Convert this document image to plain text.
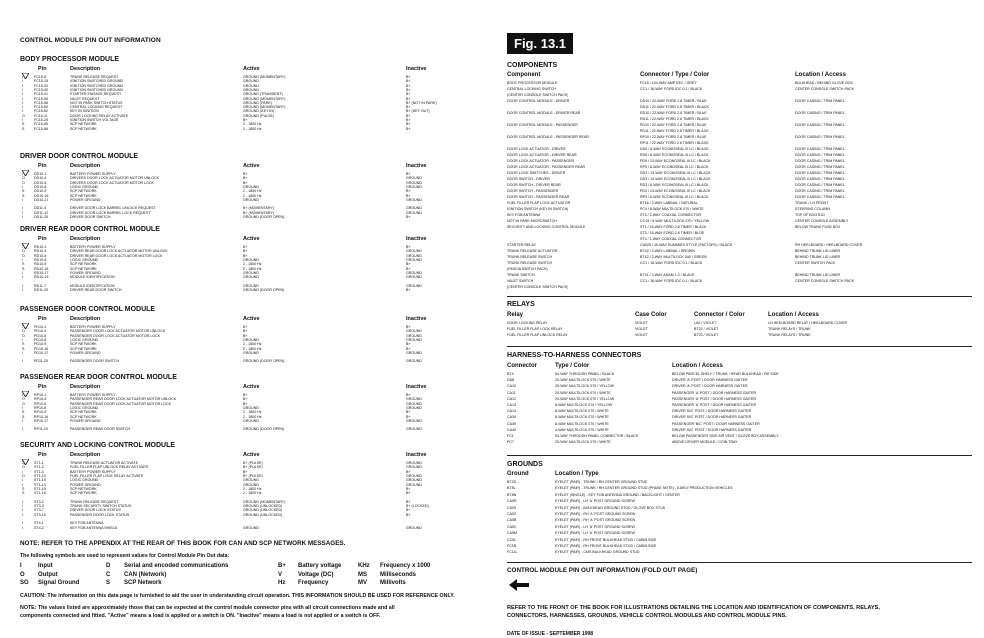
CONTROL MODULE PIN OUT INFORMATION
BODY PROCESSOR MODULE
Pin	Description	Active	Inactive
I	FC15-5	TRUNK RELEASE REQUEST	GROUND (MOMENTARY)	B+
I	FC15-15	IGNITION SWITCHED GROUND	GROUND	B+
I	FC15-32	IGNITION SWITCHED GROUND	GROUND	B+
I	FC15-40	IGNITION SWITCHED GROUND	GROUND	B+
I	FC15-41	STARTER ENGAGE REQUEST	GROUND (TRANSIENT)	B+
I	FC15-55	VALET REQUEST	GROUND (MOMENTARY)	B+
I	FC15-56	NOT IN PARK SWITCH STATUS	GROUND (PARK)	B+ (NOT IN PARK)
I	FC15-60	CENTRAL LOCKING REQUEST	GROUND (MOMENTARY)	B+
I	FC15-62	KEY IN IGNITION	GROUND (KEY IN)	B+ (KEY OUT)
O	FC15-11	DOOR LOCKING RELAY ACTIVATE	GROUND (PULSE)	B+
I	FC15-25	IGNITION SWITCH VOLTAGE	B+	B+
S	FC15-65	SCP NETWORK	2 - 1800 Hz	B+
S	FC15-66	SCP NETWORK	2 - 1800 Hz	B+
DRIVER DOOR CONTROL MODULE
Pin	Description	Active	Inactive
I	DD10-1	BATTERY POWER SUPPLY	B+	B+
O	DD10-4	DRIVERS DOOR LOCK ACTUATOR MOTOR UNLOCK	B+	GROUND
O	DD10-5	DRIVERS DOOR LOCK ACTUATOR MOTOR LOCK	B+	GROUND
I	DD10-8	LOGIC GROUND	GROUND	GROUND
S	DD10-9	SCP NETWORK	2 - 1800 Hz	B+
S	DD10-16	SCP NETWORK	2 - 1800 Hz	B+
I	DD10-17	POWER GROUND	GROUND	GROUND
.	.
I	DD11-4	DRIVER DOOR LOCK BARREL UNLOCK REQUEST	B+ (MOMENTARY)	GROUND
I	DD11-12	DRIVER DOOR LOCK BARREL LOCK REQUEST	B+ (MOMENTARY)	GROUND
I	DD11-20	DRIVER DOOR SWITCH	GROUND (DOOR OPEN)	B+
DRIVER REAR DOOR CONTROL MODULE
Pin	Description	Active	Inactive
I	RD10-1	BATTERY POWER SUPPLY	B+	B+
O	RD10-4	DRIVER REAR DOOR LOCK ACTUATOR MOTOR UNLOCK	B+	GROUND
O	RD10-5	DRIVER REAR DOOR LOCK ACTUATOR MOTOR LOCK	B+	GROUND
I	RD10-8	LOGIC GROUND	GROUND	GROUND
S	RD10-9	SCP NETWORK	2 - 1800 Hz	B+
S	RD10-16	SCP NETWORK	2 - 1800 Hz	B+
I	RD10-17	POWER GROUND	GROUND	GROUND
I	RD10-19	MODULE IDENTIFICATION	GROUND	GROUND
.	.
I	RD11-7	MODULE IDENTIFICATION	GROUND	GROUND
I	RD11-20	DRIVER REAR DOOR SWITCH	GROUND (DOOR OPEN)	B+
PASSENGER DOOR CONTROL MODULE
Pin	Description	Active	Inactive
I	PD10-1	BATTERY POWER SUPPLY	B+	B+
O	PD10-4	PASSENGER DOOR LOCK ACTUATOR MOTOR UNLOCK	B+	GROUND
O	PD10-5	PASSENGER DOOR LOCK ACTUATOR MOTOR LOCK	B+	GROUND
I	PD10-8	LOGIC GROUND	GROUND	GROUND
S	PD10-9	SCP NETWORK	2 - 1800 Hz	B+
S	PD10-16	SCP NETWORK	2 - 1800 Hz	B+
I	PD10-17	POWER GROUND	GROUND	GROUND
.	.
I	PD11-20	PASSENGER DOOR SWITCH	GROUND (DOOR OPEN)	GROUND
PASSENGER REAR DOOR CONTROL MODULE
Pin	Description	Active	Inactive
I	RP10-1	BATTERY POWER SUPPLY	B+	B+
O	RP10-4	PASSENGER REAR DOOR LOCK ACTUATOR MOTOR UNLOCK	B+	GROUND
O	RP10-5	PASSENGER REAR DOOR LOCK ACTUATOR MOTOR LOCK	B+	GROUND
I	RP10-8	LOGIC GROUND	GROUND	GROUND
S	RP10-9	SCP NETWORK	2 - 1800 Hz	B+
S	RP10-16	SCP NETWORK	2 - 1800 Hz	B+
I	RP10-17	POWER GROUND	GROUND	GROUND
.	.
I	RP11-20	PASSENGER REAR DOOR SWITCH	GROUND (DOOR OPEN)	GROUND
SECURITY AND LOCKING CONTROL MODULE
Pin	Description	Active	Inactive
O	ST1-1	TRUNK RELEASE ACTUATOR ACTIVATE	B+ (PULSE)	GROUND
O	ST1-2	FUEL FILLER FLAP UNLOCK RELAY ACTIVATE	B+ (PULSE)	GROUND
I	ST1-3	BATTERY POWER SUPPLY	B+	B+
O	ST1-10	FUEL FILLER FLAP LOCK RELAY ACTIVATE	B+ (PULSE)	GROUND
I	ST1-13	LOGIC GROUND	GROUND	GROUND
I	ST1-14	POWER GROUND	GROUND	GROUND
S	ST1-15	SCP NETWORK	2 - 1800 Hz	B+
S	ST1-16	SCP NETWORK	2 - 1800 Hz	B+
.	.
I	ST3-2	TRUNK RELEASE REQUEST	GROUND (MOMENTARY)	B+
I	ST3-3	TRUNK SECURITY SWITCH STATUS	GROUND (UNLOCKED)	B+ (LOCKED)
I	ST3-7	DRIVER DOOR LOCK STATUS	GROUND (UNLOCKED)	B+
I	ST3-16	PASSENGER DOOR LOCK STATUS	GROUND (UNLOCKED)	B+
.	.
I	ST4-1	KEY FOB ANTENNA
I	ST4-2	KEY FOB ANTENNA SHIELD	GROUND	GROUND
NOTE: REFER TO THE APPENDIX AT THE REAR OF THIS BOOK FOR CAN AND SCP NETWORK MESSAGES.
The following symbols are used to represent values for Control Module Pin Out data:
I	Input	D Serial and encoded communications	B+ Battery voltage	KHz Frequency x 1000
O Output	C CAN (Network)	V	Voltage (DC)	MS Milliseconds
SG Signal Ground	S SCP Network	Hz Frequency	MV Millivolts
CAUTION: The information on this data page is furnished to aid the user in understanding circuit operation. THIS INFORMATION SHOULD BE USED FOR REFERENCE ONLY.
NOTE: The values listed are approximately those that can be expected at the control module connector pins with all circuit connections made and all
components connected and fitted. "Active" means a load is applied or a switch is ON. "Inactive" means a load is not applied or a switch is OFF.
Fig. 13.1
COMPONENTS
Component	Connector / Type / Color	Location / Access
BODY PROCESSOR MODULE	FC15 / 104-WAY AMP EEC / GREY	BULKHEAD / BEHIND GLOVE BOX
CENTRAL LOCKING SWITCH	CC1 / 16-WAY FORD IDC 0.1 / BLACK	CENTER CONSOLE SWITCH PACK
(CENTER CONSOLE SWITCH PACK)
DOOR CONTROL MODULE - DRIVER	DD10 / 22-WAY FORD 2.8 TIMER / BLUE	DOOR CASING / TRIM PANEL
DD11 / 22-WAY FORD 2.8 TIMER / BLACK
DOOR CONTROL MODULE - DRIVER REAR	RD10 / 22-WAY FORD 2.8 TIMER / BLUE	DOOR CASING / TRIM PANEL
RD11 / 22-WAY FORD 2.8 TIMER / BLACK
DOOR CONTROL MODULE - PASSENGER	PD10 / 22-WAY FORD 2.8 TIMER / BLUE	DOOR CASING / TRIM PANEL
PD11 / 22-WAY FORD 2.8 TIMER / BLACK
DOOR CONTROL MODULE - PASSENGER REAR	RP10 / 22-WAY FORD 2.8 TIMER / BLUE	DOOR CASING / TRIM PANEL
RP11 / 22-WAY FORD 2.8 TIMER / BLACK
DOOR LOCK ACTUATOR - DRIVER	DD5 / 6-WAY ECONOSEAL III LC / BLACK	DOOR CASING / TRIM PANEL
DOOR LOCK ACTUATOR - DRIVER REAR	RD5 / 6-WAY ECONOSEAL III LC / BLACK	DOOR CASING / TRIM PANEL
DOOR LOCK ACTUATOR - PASSENGER	PD5 / 13-WAY ECONOSEAL III LC / BLACK	DOOR CASING / TRIM PANEL
DOOR LOCK ACTUATOR - PASSENGER REAR	RP5 / 6-WAY ECONOSEAL III LC / BLACK	DOOR CASING / TRIM PANEL
DOOR LOCK SWITCHES - DRIVER	DD3 / 13-WAY ECONOSEAL III LC / BLACK	DOOR CASING / TRIM PANEL
DOOR SWITCH - DRIVER	DD3 / 13-WAY ECONOSEAL III LC / BLACK	DOOR CASING / TRIM PANEL
DOOR SWITCH - DRIVER REAR	RD3 / 6-WAY ECONOSEAL III LC / BLACK	DOOR CASING / TRIM PANEL
DOOR SWITCH - PASSENGER	PD3 / 13-WAY ECONOSEAL III LC / BLACK	DOOR CASING / TRIM PANEL
DOOR SWITCH - PASSENGER REAR	RP3 / 6-WAY ECONOSEAL III LC / BLACK	DOOR CASING / TRIM PANEL
FUEL FILLER FLAP LOCK ACTUATOR	BT16 / 2-WAY LABINAL / NATURAL	TRUNK / LH FRONT
IGNITION SWITCH (KEY-IN SWITCH)	PC4 / 6-WAY MULTILOCK 070 / WHITE	STEERING COLUMN
KEY FOB ANTENNA	ST4 / 2-WAY COAXIAL CONNECTOR	TOP OF BOOTLID
NOT IN PARK MICROSWITCH	CC19 / 5-WAY MULTILOCK 070 / YELLOW	CENTER CONSOLE ASSEMBLY
SECURITY AND LOCKING CONTROL MODULE	ST1 / 16-WAY FORD 2.8 TIMER / BLACK	BELOW TRUNK FUSE BOX
ST3 / 16-WAY FORD 2.8 TIMER / BLUE
ST4 / 1-WAY COAXIAL CONNECTOR
STARTER RELAY	CA025 / 15-WAY DUMMIES STYLE (FACTORY) / BLACK	RH HEELBOARD / HEELBOARD COVER
TRUNK RELEASE ACTUATOR	BT42 / 2-WAY LABINAL / BROWN	BEHIND TRUNK LID LINER
TRUNK RELEASE SWITCH	BT42 / 2-WAY MULTILOCK 040 / GREEN	BEHIND TRUNK LID LINER
TRUNK RELEASE SWITCH	CC1 / 16-WAY FORD IDC 0.1 / BLACK	CENTER SWITCH PACK
(FASCIA SWITCH PACK)
TRUNK SWITCH	BT41 / 2-WAY ADAM 1.0 / BLACK	BEHIND TRUNK LID LINER
VALET SWITCH	CC1 / 16-WAY FORD IDC 0.1 / BLACK	CENTER CONSOLE SWITCH PACK
(CENTER CONSOLE SWITCH PACK)
RELAYS
Relay	Case Color	Connector / Color	Location / Access
DOOR LOCKING RELAY	VIOLET	LA0 / VIOLET	LH HEELBOARD RELAY / HEELBOARD COVER
FUEL FILLER FLAP LOCK RELAY	VIOLET	BT22 / VIOLET	TRUNK RELAYS / TRUNK
FUEL FILLER FLAP UNLOCK RELAY	VIOLET	BT23 / VIOLET	TRUNK RELAYS / TRUNK
HARNESS-TO-HARNESS CONNECTORS
Connector	Type / Color	Location / Access
BT4	54-WAY THROUGH PANEL / BLACK	BELOW PARCEL SHELF / TRUNK / REAR BULKHEAD / RH SIDE
DA8	20-WAY MULTILOCK 070 / WHITE	DRIVER 'A' POST / DOOR HARNESS GAITER
CA10	20-WAY MULTILOCK 070 / YELLOW	DRIVER 'A' POST / DOOR HARNESS GAITER
CA11	20-WAY MULTILOCK 070 / WHITE	PASSENGER 'A' POST / DOOR HARNESS GAITER
CA12	20-WAY MULTILOCK 070 / YELLOW	PASSENGER 'A' POST / DOOR HARNESS GAITER
CA13	8-WAY MULTILOCK 070 / YELLOW	PASSENGER 'A' POST / DOOR HARNESS GAITER
CA14	8-WAY MULTILOCK 070 / WHITE	DRIVER 'B/C' POST / DOOR HARNESS GAITER
CA39	8-WAY MULTILOCK 070 / WHITE	DRIVER 'B/C' POST / DOOR HARNESS GAITER
CA49	8-WAY MULTILOCK 070 / WHITE	PASSENGER 'B/C' POST / DOOR HARNESS GAITER
CA40	4-WAY MULTILOCK 070 / WHITE	DRIVER 'B/C' POST / DOOR HARNESS GAITER
FC1	54-WAY THROUGH PANEL CONNECTOR / BLACK	BELOW PASSENGER SIDE AIR VENT / GLOVE BOX ASSEMBLY
PC7	20-WAY MULTILOCK 070 / WHITE	ABOVE DRIVER MODULE / COIN TRAY
GROUNDS
Ground	Location / Type
BT2D	EYELET (PAIR) - TRUNK / RH CENTER GROUND STUD
BT8L	EYELET (PAIR) - TRUNK / RH CENTER GROUND STUD (PHASE NOTE) - EARLY PRODUCTION VEHICLES
BT8N	EYELET (SINGLE) - KEY FOB ANTENNA GROUND / BACKLIGHT / CENTER
CA0R	EYELET (PAIR) - LH 'A' POST GROUND SCREW
CA0S	EYELET (PAIR) - BULKHEAD GROUND STUD / GLOVE BOX STUD
CA0Z	EYELET (PAIR) - RH 'A' POST GROUND SCREW
CA5B	EYELET (PAIR) - RH 'A' POST GROUND SCREW
CA5C	EYELET (PAIR) - LH 'A' POST GROUND SCREW
CA5M	EYELET (PAIR) - LH 'A' POST GROUND SCREW
CC5L	EYELET (PAIR) - RH FRONT BULKHEAD STUD / CABIN SIDE
FC1B	EYELET (PAIR) - RH FRONT BULKHEAD STUD / CABIN SIDE
FC11L	EYELET (PAIR) - CMS BULKHEAD GROUND STUD
CONTROL MODULE PIN OUT INFORMATION (FOLD OUT PAGE)
REFER TO THE FRONT OF THE BOOK FOR ILLUSTRATIONS DETAILING THE LOCATION AND IDENTIFICATION OF COMPONENTS, RELAYS,
CONNECTORS, HARNESSES, GROUNDS, VEHICLE CONTROL MODULES AND CONTROL MODULE PINS.
DATE OF ISSUE - SEPTEMBER 1998
